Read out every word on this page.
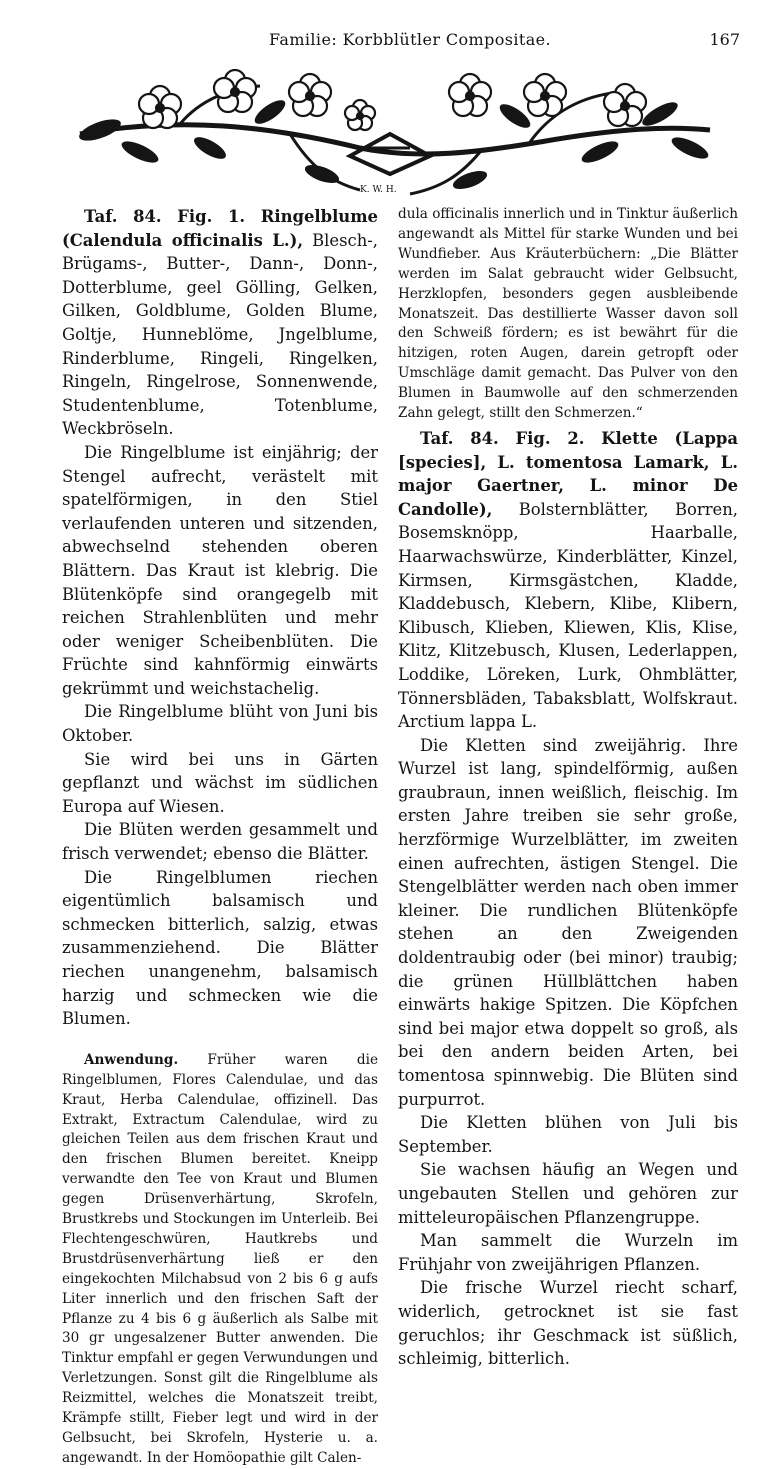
Familie: Korbblütler Compositae.	167
K. W. H.

Taf. 84. Fig. 1. Ringelblume (Calendula officinalis L.), Blesch-, Brügams-, Butter-, Dann-, Donn-, Dotterblume, geel Gölling, Gelken, Gilken, Goldblume, Golden Blume, Goltje, Hunneblöme, Jngelblume, Rinderblume, Ringeli, Ringelken, Ringeln, Ringelrose, Sonnenwende, Studentenblume, Totenblume, Weckbröseln.

Die Ringelblume ist einjährig; der Stengel aufrecht, verästelt mit spatelförmigen, in den Stiel verlaufenden unteren und sitzenden, abwechselnd stehenden oberen Blättern. Das Kraut ist klebrig. Die Blütenköpfe sind orangegelb mit reichen Strahlenblüten und mehr oder weniger Scheibenblüten. Die Früchte sind kahnförmig einwärts gekrümmt und weichstachelig.

Die Ringelblume blüht von Juni bis Oktober.

Sie wird bei uns in Gärten gepflanzt und wächst im südlichen Europa auf Wiesen.

Die Blüten werden gesammelt und frisch verwendet; ebenso die Blätter.

Die Ringelblumen riechen eigentümlich balsamisch und schmecken bitterlich, salzig, etwas zusammenziehend. Die Blätter riechen unangenehm, balsamisch harzig und schmecken wie die Blumen.

Anwendung. Früher waren die Ringelblumen, Flores Calendulae, und das Kraut, Herba Calendulae, offizinell. Das Extrakt, Extractum Calendulae, wird zu gleichen Teilen aus dem frischen Kraut und den frischen Blumen bereitet. Kneipp verwandte den Tee von Kraut und Blumen gegen Drüsenverhärtung, Skrofeln, Brustkrebs und Stockungen im Unterleib. Bei Flechtengeschwüren, Hautkrebs und Brustdrüsenverhärtung ließ er den eingekochten Milchabsud von 2 bis 6 g aufs Liter innerlich und den frischen Saft der Pflanze zu 4 bis 6 g äußerlich als Salbe mit 30 gr ungesalzener Butter anwenden. Die Tinktur empfahl er gegen Verwundungen und Verletzungen. Sonst gilt die Ringelblume als Reizmittel, welches die Monatszeit treibt, Krämpfe stillt, Fieber legt und wird in der Gelbsucht, bei Skrofeln, Hysterie u. a. angewandt. In der Homöopathie gilt Calen-

dula officinalis innerlich und in Tinktur äußerlich angewandt als Mittel für starke Wunden und bei Wundfieber. Aus Kräuterbüchern: „Die Blätter werden im Salat gebraucht wider Gelbsucht, Herzklopfen, besonders gegen ausbleibende Monatszeit. Das destillierte Wasser davon soll den Schweiß fördern; es ist bewährt für die hitzigen, roten Augen, darein getropft oder Umschläge damit gemacht. Das Pulver von den Blumen in Baumwolle auf den schmerzenden Zahn gelegt, stillt den Schmerzen.“

Taf. 84. Fig. 2. Klette (Lappa [species], L. tomentosa Lamark, L. major Gaertner, L. minor De Candolle), Bolsternblätter, Borren, Bosemsknöpp, Haarballe, Haarwachswürze, Kinderblätter, Kinzel, Kirmsen, Kirmsgästchen, Kladde, Kladdebusch, Klebern, Klibe, Klibern, Klibusch, Klieben, Kliewen, Klis, Klise, Klitz, Klitzebusch, Klusen, Lederlappen, Loddike, Löreken, Lurk, Ohmblätter, Tönnersbläden, Tabaksblatt, Wolfskraut. Arctium lappa L.

Die Kletten sind zweijährig. Ihre Wurzel ist lang, spindelförmig, außen graubraun, innen weißlich, fleischig. Im ersten Jahre treiben sie sehr große, herzförmige Wurzelblätter, im zweiten einen aufrechten, ästigen Stengel. Die Stengelblätter werden nach oben immer kleiner. Die rundlichen Blütenköpfe stehen an den Zweigenden doldentraubig oder (bei minor) traubig; die grünen Hüllblättchen haben einwärts hakige Spitzen. Die Köpfchen sind bei major etwa doppelt so groß, als bei den andern beiden Arten, bei tomentosa spinnwebig. Die Blüten sind purpurrot.

Die Kletten blühen von Juli bis September.

Sie wachsen häufig an Wegen und ungebauten Stellen und gehören zur mitteleuropäischen Pflanzengruppe.

Man sammelt die Wurzeln im Frühjahr von zweijährigen Pflanzen.

Die frische Wurzel riecht scharf, widerlich, getrocknet ist sie fast geruchlos; ihr Geschmack ist süßlich, schleimig, bitterlich.
